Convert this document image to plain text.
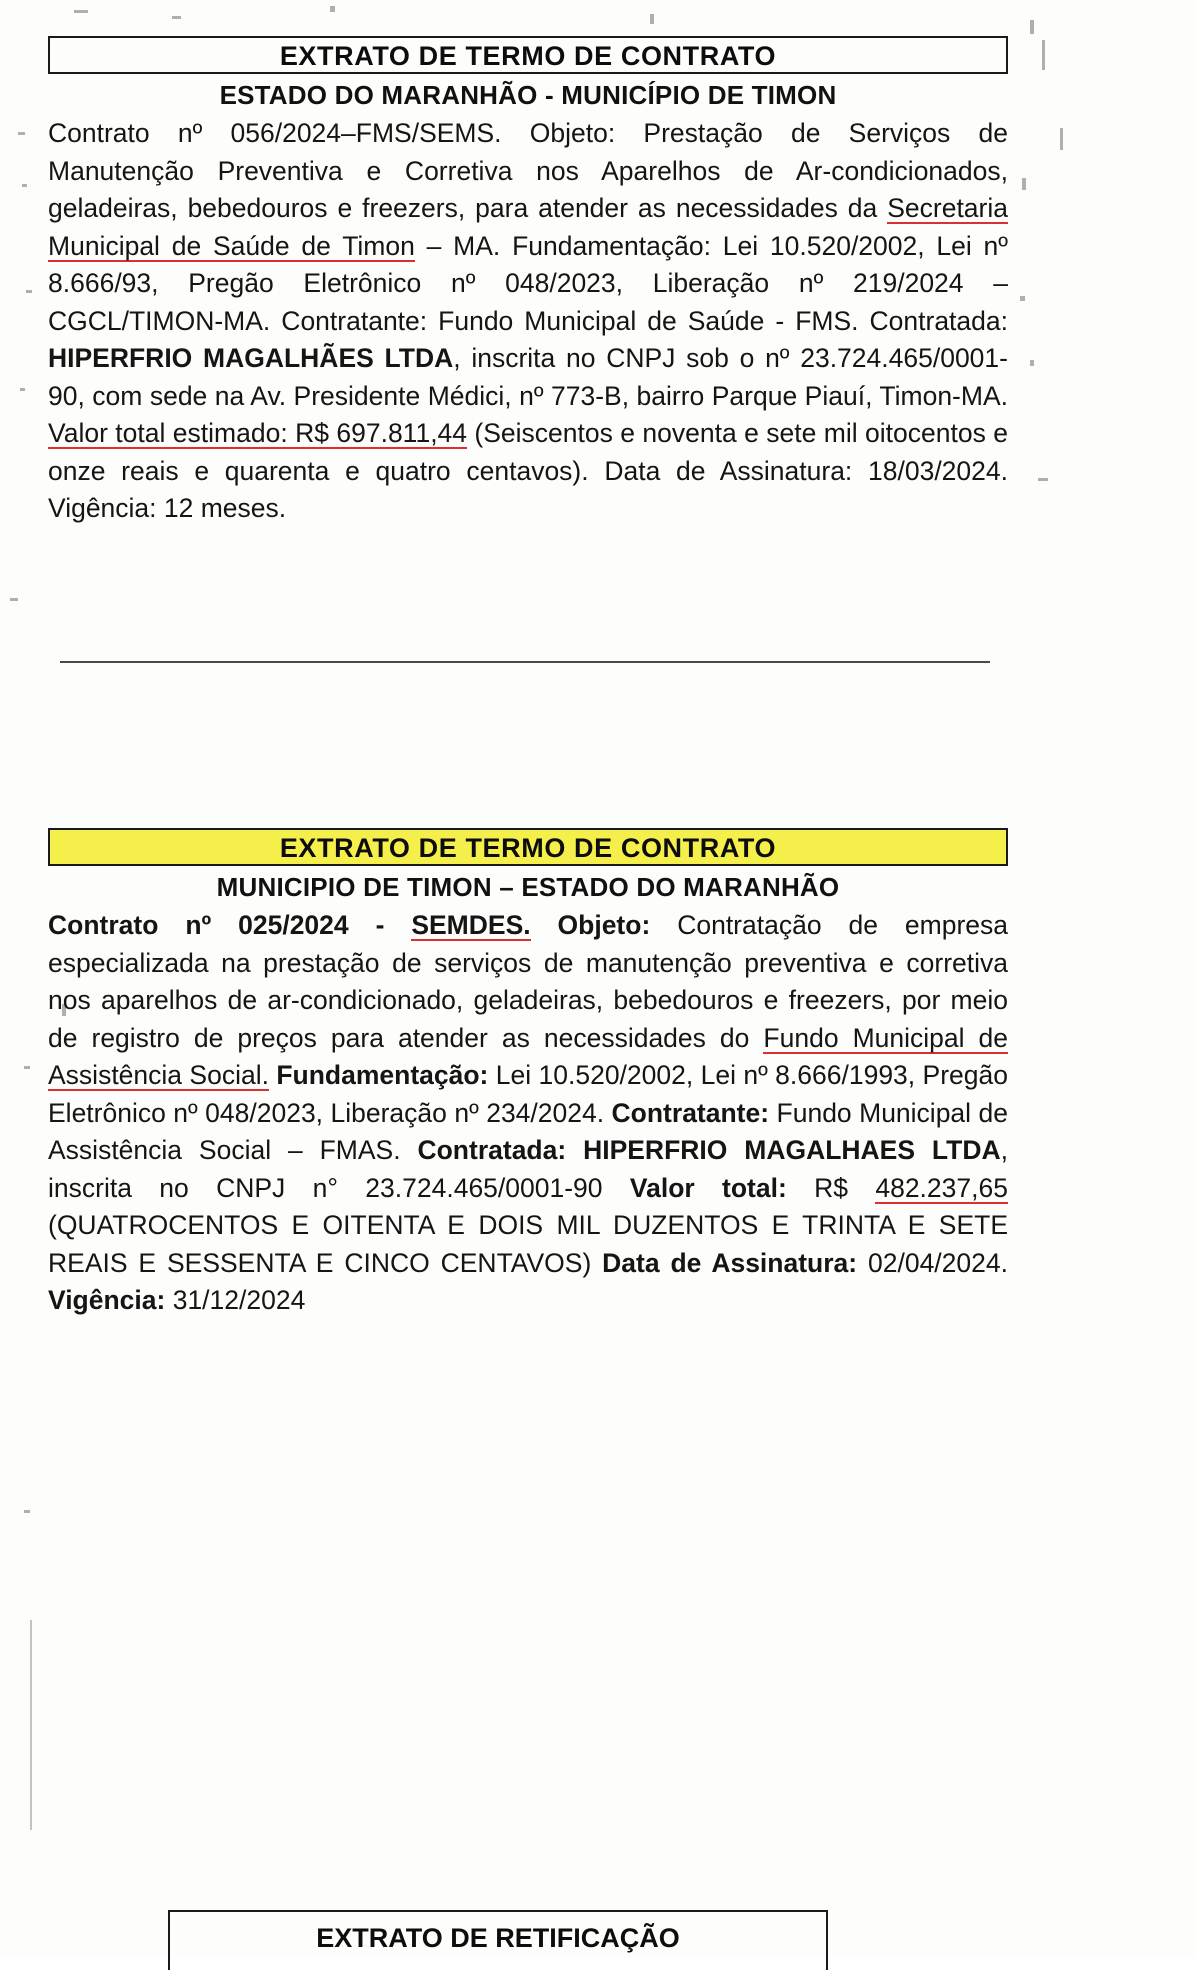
EXTRATO DE TERMO DE CONTRATO
ESTADO DO MARANHÃO - MUNICÍPIO DE TIMON

Contrato nº 056/2024–FMS/SEMS. Objeto: Prestação de Serviços de Manutenção Preventiva e Corretiva nos Aparelhos de Ar-condicionados, geladeiras, bebedouros e freezers, para atender as necessidades da Secretaria Municipal de Saúde de Timon – MA. Fundamentação: Lei 10.520/2002, Lei nº 8.666/93, Pregão Eletrônico nº 048/2023, Liberação nº 219/2024 – CGCL/TIMON-MA. Contratante: Fundo Municipal de Saúde - FMS. Contratada: HIPERFRIO MAGALHÃES LTDA, inscrita no CNPJ sob o nº 23.724.465/0001-90, com sede na Av. Presidente Médici, nº 773-B, bairro Parque Piauí, Timon-MA. Valor total estimado: R$ 697.811,44 (Seiscentos e noventa e sete mil oitocentos e onze reais e quarenta e quatro centavos). Data de Assinatura: 18/03/2024. Vigência: 12 meses.

EXTRATO DE TERMO DE CONTRATO
MUNICIPIO DE TIMON – ESTADO DO MARANHÃO

Contrato nº 025/2024 - SEMDES. Objeto: Contratação de empresa especializada na prestação de serviços de manutenção preventiva e corretiva nos aparelhos de ar-condicionado, geladeiras, bebedouros e freezers, por meio de registro de preços para atender as necessidades do Fundo Municipal de Assistência Social. Fundamentação: Lei 10.520/2002, Lei nº 8.666/1993, Pregão Eletrônico nº 048/2023, Liberação nº 234/2024. Contratante: Fundo Municipal de Assistência Social – FMAS. Contratada: HIPERFRIO MAGALHAES LTDA, inscrita no CNPJ n° 23.724.465/0001-90 Valor total: R$ 482.237,65 (QUATROCENTOS E OITENTA E DOIS MIL DUZENTOS E TRINTA E SETE REAIS E SESSENTA E CINCO CENTAVOS) Data de Assinatura: 02/04/2024. Vigência: 31/12/2024

EXTRATO DE RETIFICAÇÃO
